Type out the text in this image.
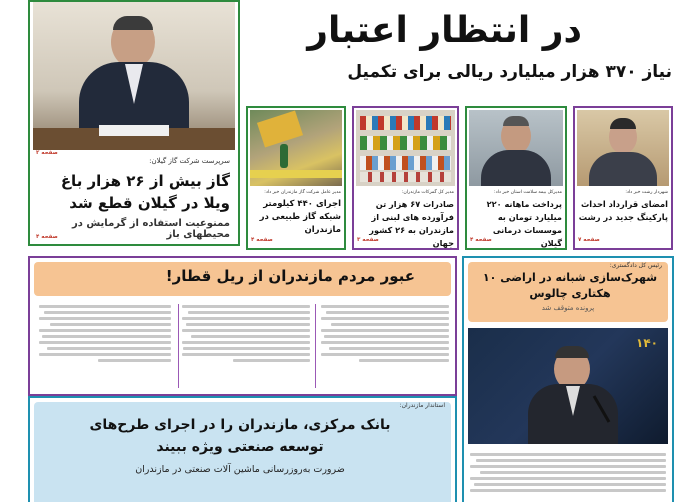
صفحه ۲
سرپرست شرکت گاز گیلان:
گاز بیش از ۲۶ هزار باغ ویلا در گیلان قطع شد
ممنوعیت استفاده از گرمایش در محیطهای باز
صفحه ۴
در انتظار اعتبار
نیاز ۳۷۰ هزار میلیارد ریالی برای تکمیل
مدیر عامل شرکت گاز مازندران خبر داد:
اجرای ۴۴۰ کیلومتر شبکه گاز طبیعی در مازندران
صفحه ۴
مدیر کل گمرکات مازندران:
صادرات ۶۷ هزار تن فرآورده های لبنی از مازندران به ۲۶ کشور جهان
صفحه ۳
مدیرکل بیمه سلامت استان خبر داد:
پرداخت ماهانه ۲۲۰ میلیارد تومان به موسسات درمانی گیلان
صفحه ۴
شهردار رشت خبر داد:
امضای قرارداد احداث پارکینگ جدید در رشت
صفحه ۷
عبور مردم مازندران از ریل قطار!
رئیس کل دادگستری:
شهرک‌سازی شبانه در اراضی ۱۰ هکتاری چالوس
پرونده متوقف شد
۱۴۰
استاندار مازندران:
بانک مرکزی، مازندران را در اجرای طرح‌های توسعه صنعتی ویژه ببیند
ضرورت به‌روزرسانی ماشین آلات صنعتی در مازندران
